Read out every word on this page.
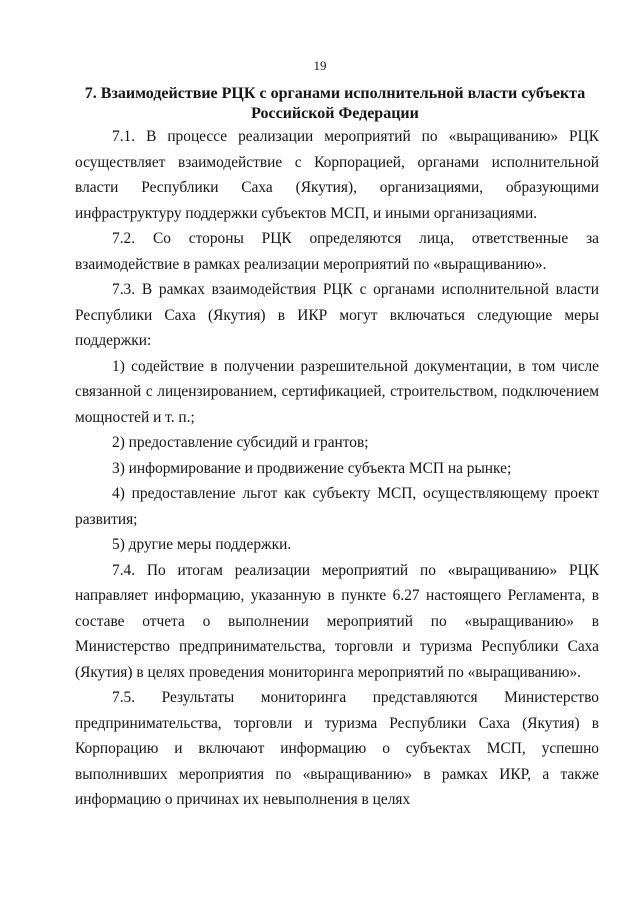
19
7. Взаимодействие РЦК с органами исполнительной власти субъекта
Российской Федерации

7.1. В процессе реализации мероприятий по «выращиванию» РЦК осуществляет взаимодействие с Корпорацией, органами исполнительной власти Республики Саха (Якутия), организациями, образующими инфраструктуру поддержки субъектов МСП, и иными организациями.

7.2. Со стороны РЦК определяются лица, ответственные за взаимодействие в рамках реализации мероприятий по «выращиванию».

7.3. В рамках взаимодействия РЦК с органами исполнительной власти Республики Саха (Якутия) в ИКР могут включаться следующие меры поддержки:

1) содействие в получении разрешительной документации, в том числе связанной с лицензированием, сертификацией, строительством, подключением мощностей и т. п.;

2) предоставление субсидий и грантов;

3) информирование и продвижение субъекта МСП на рынке;

4) предоставление льгот как субъекту МСП, осуществляющему проект развития;

5) другие меры поддержки.

7.4. По итогам реализации мероприятий по «выращиванию» РЦК направляет информацию, указанную в пункте 6.27 настоящего Регламента, в составе отчета о выполнении мероприятий по «выращиванию» в Министерство предпринимательства, торговли и туризма Республики Саха (Якутия) в целях проведения мониторинга мероприятий по «выращиванию».

7.5. Результаты мониторинга представляются Министерство предпринимательства, торговли и туризма Республики Саха (Якутия) в Корпорацию и включают информацию о субъектах МСП, успешно выполнивших мероприятия по «выращиванию» в рамках ИКР, а также информацию о причинах их невыполнения в целях
